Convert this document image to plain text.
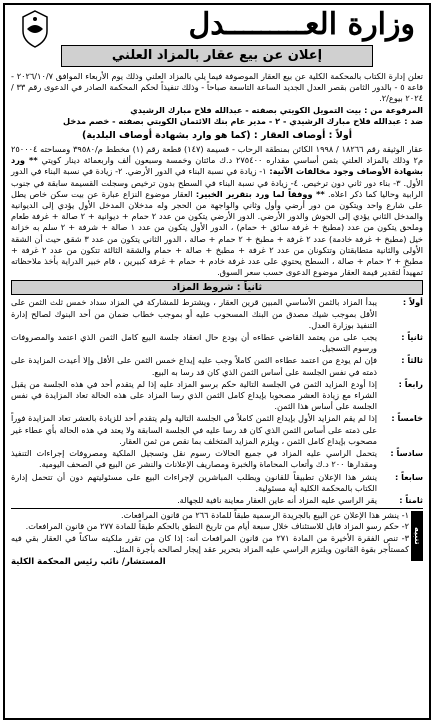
وزارة العـــــــــدل
إعلان عن بيع عقار بالمزاد العلني

تعلن إدارة الكتاب بالمحكمة الكلية عن بيع العقار الموصوفة فيما يلي بالمزاد العلني وذلك يوم الأربعاء الموافق ٢٠٢٦/١٠/٧ - قاعة ٥ - بالدور الثامن بقصر العدل الجديد الساعة التاسعة صباحاً - وذلك تنفيذاً لحكم المحكمة الصادر في الدعوى رقم ٣٣ / ٢٠٢٤ بيوع/٢.

المرفوعة من : بيت التمويل الكويتي بصفته - عبدالله فلاح مبارك الرشيدي

ضد : عبدالله فلاح مبارك الرشيدي - ٢ - مدير عام بنك الائتمان الكويتي بصفته - خصم مدخل

أولاً : أوصاف العقار : (كما هو وارد بشهادة أوصاف البلدية)

عقار الوثيقة رقم ١٨٢٦٦ / ١٩٩٨ الكائن بمنطقة الرحاب - قسيمة (١٤٧) قطعة رقم (١) مخطط م/٣٩٥٨٠ ومساحته ٢٥٠٠٠٤ م٢ وذلك بالمزاد العلني بثمن أساسي مقداره ٢٧٥٤٠٠ د.ك مائتان وخمسة وسبعون ألف واربعمائة دينار كويتي ** ورد بشهادة الأوصاف وجود مخالفات الآتية: ١- زيادة في نسبة البناء في الدور الأرضي. ٢- زيادة في نسبة البناء في الدور الأول. ٣- بناء دور ثاني دون ترخيص. ٤- زيادة في نسبة البناء في السطح بدون ترخيص وسجلت القسيمة سابقة في جنوب الرابية وحاليا كما ذكر اعلاه. ** ووفقاً لما ورد بتقرير الخبير: العقار موضوع النزاع عبارة عن بيت سكن خاص يطل على شارع واحد ويتكون من دور أرضي وأول وثاني والواجهة من الحجر وله مدخلان المدخل الأول يؤدي إلى الديوانية والمدخل الثاني يؤدي إلى الحوش والدور الأرضي. الدور الأرضي يتكون من عدد ٢ حمام + ديوانية + ٢ صالة + غرفة طعام وملحق يتكون من عدد (مطبخ + غرفة سائق + حمام) ، الدور الأول يتكون من عدد ١ صالة + شرفة + ٢ سلم به خزانة خيل (مطبخ + غرفة خادمة) عدد ٢ غرفة + مطبخ + ٢ حمام + صالة ، الدور الثاني يتكون من عدد ٣ شقق حيث أن الشقة الأولى والثانية متطابقتان وتتكونان من عدد ٢ غرفة + مطبخ + صالة + حمام والشقة الثالثة تتكون من عدد ٢ غرفة + مطبخ + ٢ حمام + صالة ، السطح يحتوي على عدد غرفة خادم + حمام + غرفة كبيرين ، قام خبير الدراية بأخذ ملاحظاته تمهيداً لتقدير قيمة العقار موضوع الدعوى حسب سعر السوق.

ثانياً : شروط المزاد
أولاً :
يبدأ المزاد بالثمن الأساسي المبين قرين العقار ، ويشترط للمشاركة في المزاد سداد خمس ثلث الثمن على الأقل بموجب شيك مصدق من البنك المسحوب عليه أو بموجب خطاب ضمان من أحد البنوك لصالح إدارة التنفيذ بوزارة العدل.
ثانياً :
يجب على من يعتمد القاضي عطاءه أن يودع حال انعقاد جلسة البيع كامل الثمن الذي اعتمد والمصروفات ورسوم التسجيل.
ثالثاً :
فإن لم يودع من اعتمد عطاءه الثمن كاملاً وجب عليه إيداع خمس الثمن على الأقل وإلا أعيدت المزايدة على ذمته في نفس الجلسة على أساس الثمن الذي كان قد رسا به البيع.
رابعاً :
إذا أودع المزايد الثمن في الجلسة التالية حكم برسو المزاد عليه إذا لم يتقدم أحد في هذه الجلسة من يقبل الشراء مع زيادة العشر مصحوبا بإيداع كامل الثمن الذي رسا المزاد على هذه الحالة تعاد المزايدة في نفس الجلسة على أساس هذا الثمن.
خامساً :
إذا لم يقم المزايد الأول بإيداع الثمن كاملاً في الجلسة التالية ولم يتقدم أحد للزيادة بالعشر تعاد المزايدة فوراً على ذمته على أساس الثمن الذي كان قد رسا عليه في الجلسة السابقة ولا يعتد في هذه الحالة بأي عطاء غير مصحوب بإيداع كامل الثمن ، ويلزم المزايد المتخلف بما نقص من ثمن العقار.
سادساً :
يتحمل الراسي عليه المزاد في جميع الحالات رسوم نقل وتسجيل الملكية ومصروفات إجراءات التنفيذ ومقدارها ٢٠٠ د.ك وأتعاب المحاماة والخبرة ومصاريف الإعلانات والنشر عن البيع في الصحف اليومية.
سابعاً :
ينشر هذا الإعلان تطبيقاً للقانون ويطلب المباشرين لإجراءات البيع على مسئوليتهم دون أن تتحمل إدارة الكتاب بالمحكمة الكلية أية مسئولية.
ثامناً :
يقر الراسي عليه المزاد أنه عاين العقار معاينة نافية للجهالة.
تنبيه

١- ينشر هذا الإعلان عن البيع بالجريدة الرسمية طبقاً للمادة ٢٦٦ من قانون المرافعات.

٢- حكم رسو المزاد قابل للاستئناف خلال سبعة أيام من تاريخ النطق بالحكم طبقاً للمادة ٢٧٧ من قانون المرافعات.

٣- تنص الفقرة الأخيرة من المادة ٢٧١ من قانون المرافعات أنه: إذا كان من تقرر ملكيته ساكناً في العقار بقي فيه كمستأجر بقوة القانون ويلتزم الراسي عليه المزاد بتحرير عقد إيجار لصالحه بأجرة المثل.

المستشار/ نائب رئيس المحكمة الكلية
